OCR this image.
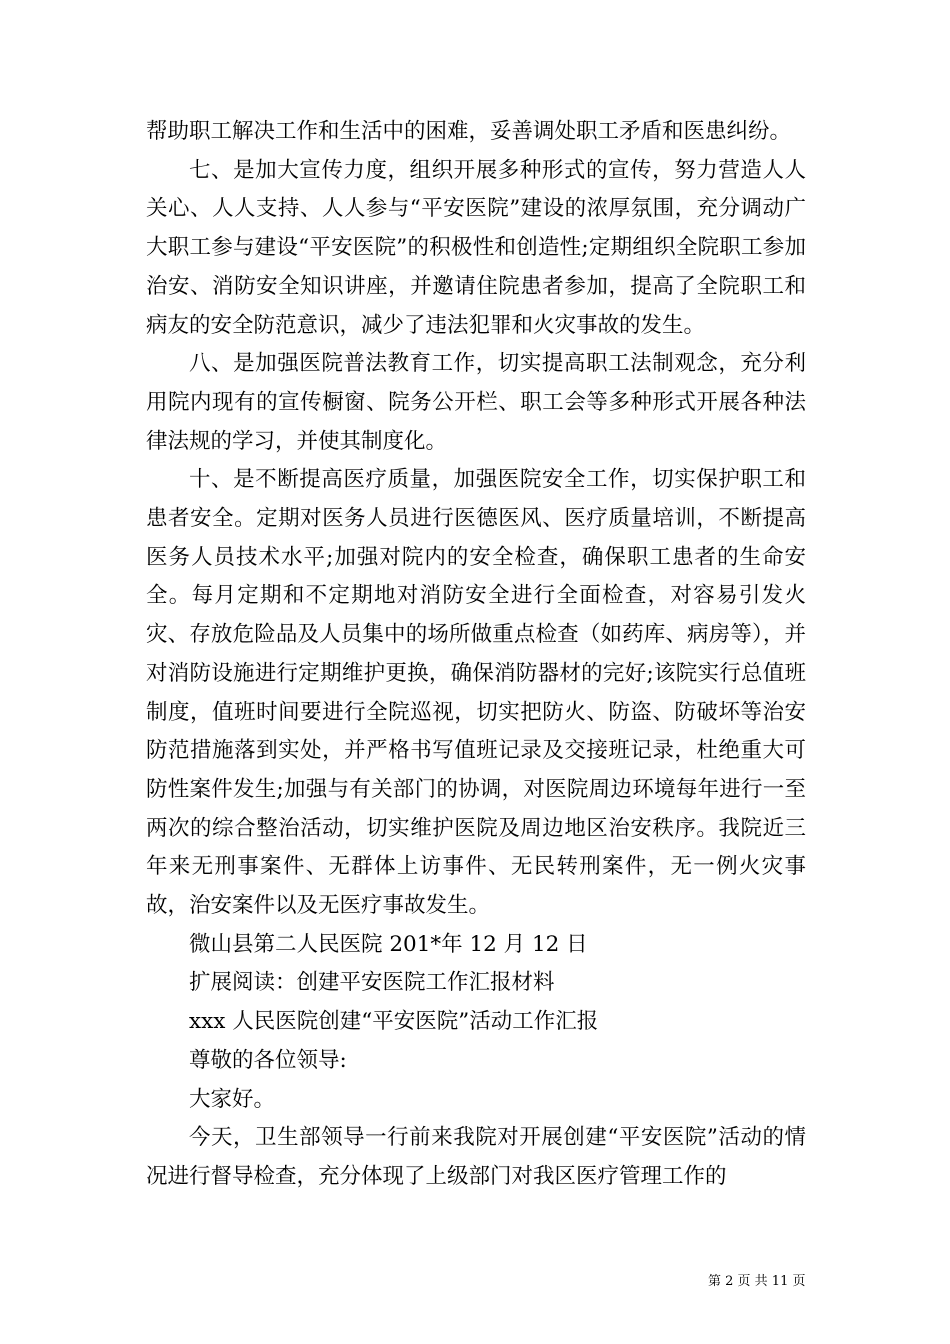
帮助职工解决工作和生活中的困难，妥善调处职工矛盾和医患纠纷。

七、是加大宣传力度，组织开展多种形式的宣传，努力营造人人关心、人人支持、人人参与“平安医院”建设的浓厚氛围，充分调动广大职工参与建设“平安医院”的积极性和创造性;定期组织全院职工参加治安、消防安全知识讲座，并邀请住院患者参加，提高了全院职工和病友的安全防范意识，减少了违法犯罪和火灾事故的发生。

八、是加强医院普法教育工作，切实提高职工法制观念，充分利用院内现有的宣传橱窗、院务公开栏、职工会等多种形式开展各种法律法规的学习，并使其制度化。

十、是不断提高医疗质量，加强医院安全工作，切实保护职工和患者安全。定期对医务人员进行医德医风、医疗质量培训，不断提高医务人员技术水平;加强对院内的安全检查，确保职工患者的生命安全。每月定期和不定期地对消防安全进行全面检查，对容易引发火灾、存放危险品及人员集中的场所做重点检查（如药库、病房等），并对消防设施进行定期维护更换，确保消防器材的完好;该院实行总值班制度，值班时间要进行全院巡视，切实把防火、防盗、防破坏等治安防范措施落到实处，并严格书写值班记录及交接班记录，杜绝重大可防性案件发生;加强与有关部门的协调，对医院周边环境每年进行一至两次的综合整治活动，切实维护医院及周边地区治安秩序。我院近三年来无刑事案件、无群体上访事件、无民转刑案件，无一例火灾事故，治安案件以及无医疗事故发生。

微山县第二人民医院 201*年 12 月 12 日

扩展阅读：创建平安医院工作汇报材料

xxx 人民医院创建“平安医院”活动工作汇报

尊敬的各位领导:

大家好。

今天，卫生部领导一行前来我院对开展创建“平安医院”活动的情况进行督导检查，充分体现了上级部门对我区医疗管理工作的

第 2 页 共 11 页
